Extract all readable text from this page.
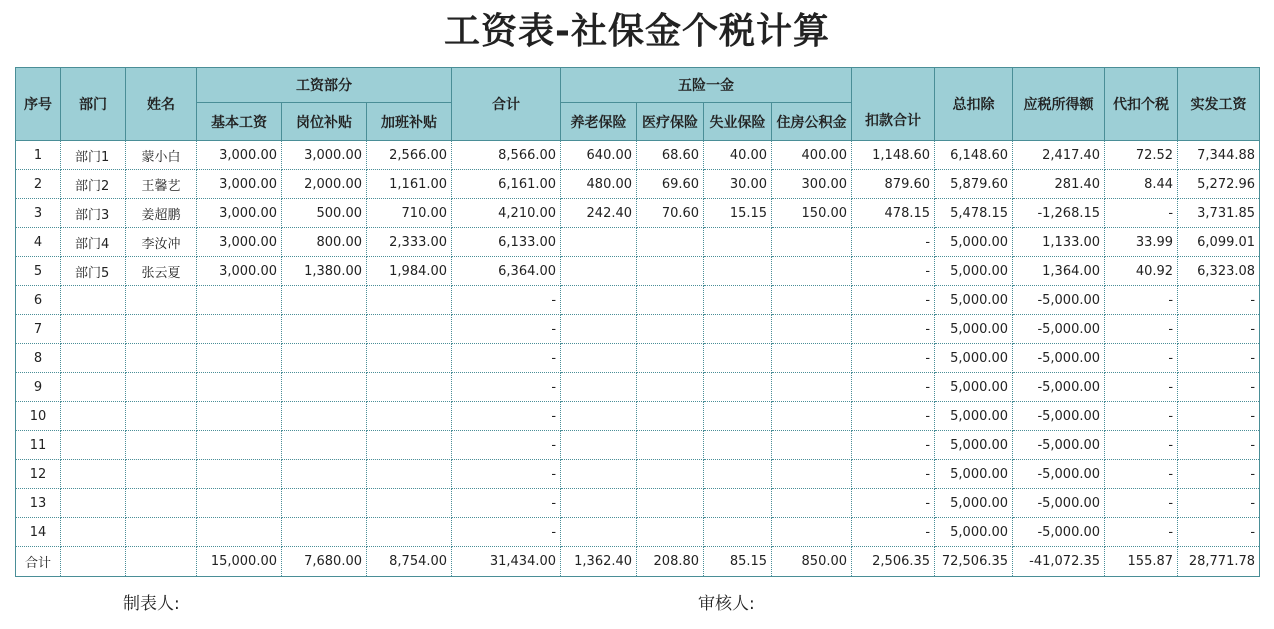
工资表-社保金个税计算
序号	部门	姓名	工资部分			合计	五险一金				扣款合计	总扣除	应税所得额	代扣个税	实发工资
			基本工资	岗位补贴	加班补贴		养老保险	医疗保险	失业保险	住房公积金					
1	部门1	蒙小白	3,000.00	3,000.00	2,566.00	8,566.00	640.00	68.60	40.00	400.00	1,148.60	6,148.60	2,417.40	72.52	7,344.88
2	部门2	王馨艺	3,000.00	2,000.00	1,161.00	6,161.00	480.00	69.60	30.00	300.00	879.60	5,879.60	281.40	8.44	5,272.96
3	部门3	姜超鹏	3,000.00	500.00	710.00	4,210.00	242.40	70.60	15.15	150.00	478.15	5,478.15	-1,268.15	-	3,731.85
4	部门4	李汝冲	3,000.00	800.00	2,333.00	6,133.00					-	5,000.00	1,133.00	33.99	6,099.01
5	部门5	张云夏	3,000.00	1,380.00	1,984.00	6,364.00					-	5,000.00	1,364.00	40.92	6,323.08
6						-					-	5,000.00	-5,000.00	-	-
7						-					-	5,000.00	-5,000.00	-	-
8						-					-	5,000.00	-5,000.00	-	-
9						-					-	5,000.00	-5,000.00	-	-
10						-					-	5,000.00	-5,000.00	-	-
11						-					-	5,000.00	-5,000.00	-	-
12						-					-	5,000.00	-5,000.00	-	-
13						-					-	5,000.00	-5,000.00	-	-
14						-					-	5,000.00	-5,000.00	-	-
合计			15,000.00	7,680.00	8,754.00	31,434.00	1,362.40	208.80	85.15	850.00	2,506.35	72,506.35	-41,072.35	155.87	28,771.78
制表人:	审核人:
